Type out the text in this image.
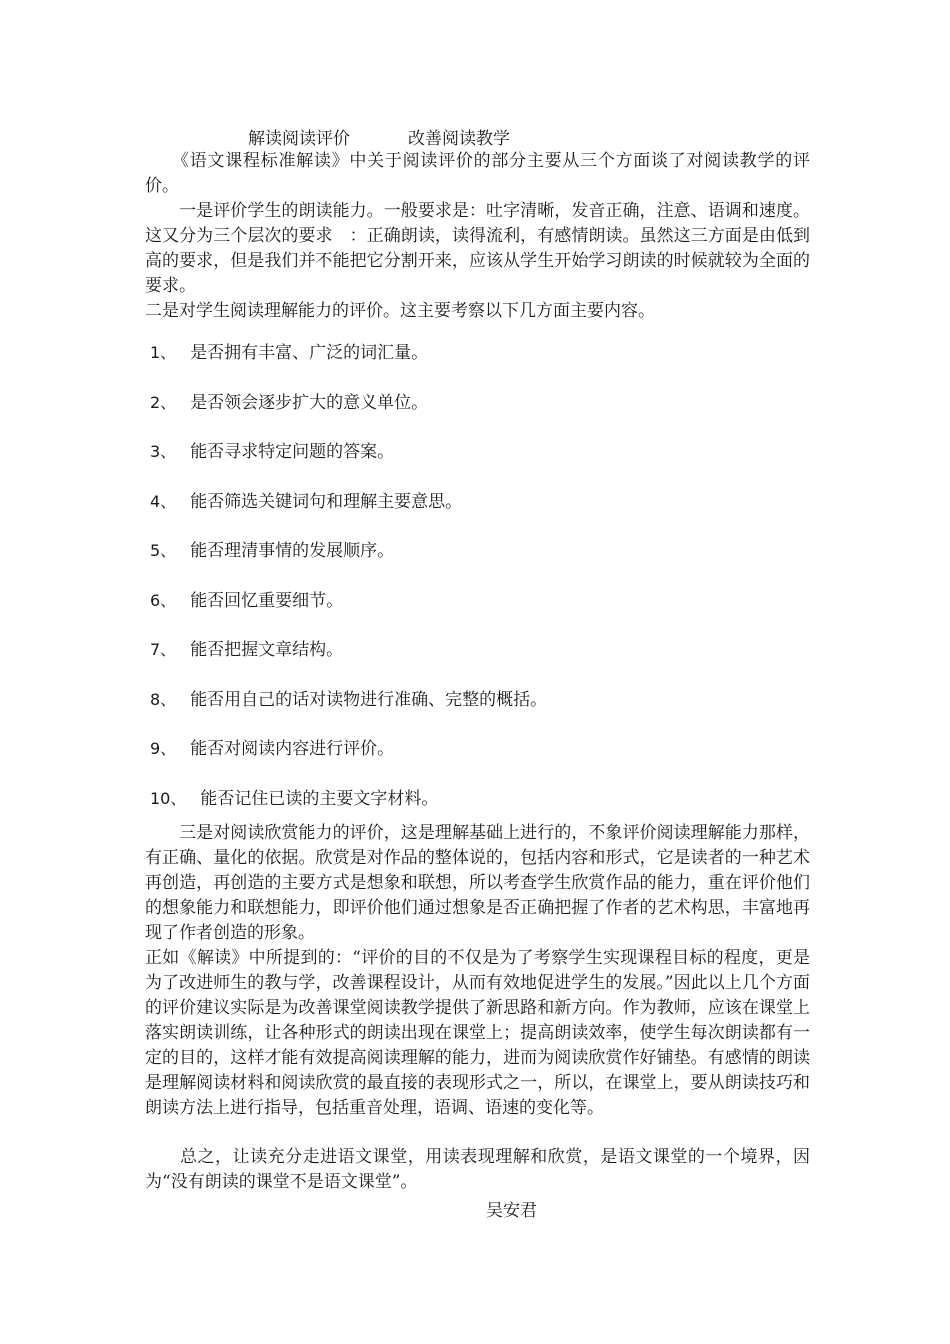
解读阅读评价	改善阅读教学

　　《语文课程标准解读》中关于阅读评价的部分主要从三个方面谈了对阅读教学的评价。

　　一是评价学生的朗读能力。一般要求是：吐字清晰，发音正确，注意、语调和速度。这又分为三个层次的要求　：正确朗读，读得流利，有感情朗读。虽然这三方面是由低到高的要求，但是我们并不能把它分割开来，应该从学生开始学习朗读的时候就较为全面的要求。

二是对学生阅读理解能力的评价。这主要考察以下几方面主要内容。

1、 是否拥有丰富、广泛的词汇量。
2、 是否领会逐步扩大的意义单位。
3、 能否寻求特定问题的答案。
4、 能否筛选关键词句和理解主要意思。
5、 能否理清事情的发展顺序。
6、 能否回忆重要细节。
7、 能否把握文章结构。
8、 能否用自己的话对读物进行准确、完整的概括。
9、 能否对阅读内容进行评价。
10、 能否记住已读的主要文字材料。

　　三是对阅读欣赏能力的评价，这是理解基础上进行的，不象评价阅读理解能力那样，有正确、量化的依据。欣赏是对作品的整体说的，包括内容和形式，它是读者的一种艺术再创造，再创造的主要方式是想象和联想，所以考查学生欣赏作品的能力，重在评价他们的想象能力和联想能力，即评价他们通过想象是否正确把握了作者的艺术构思，丰富地再现了作者创造的形象。

正如《解读》中所提到的：“评价的目的不仅是为了考察学生实现课程目标的程度，更是为了改进师生的教与学，改善课程设计，从而有效地促进学生的发展。”因此以上几个方面的评价建议实际是为改善课堂阅读教学提供了新思路和新方向。作为教师，应该在课堂上落实朗读训练，让各种形式的朗读出现在课堂上；提高朗读效率，使学生每次朗读都有一定的目的，这样才能有效提高阅读理解的能力，进而为阅读欣赏作好铺垫。有感情的朗读是理解阅读材料和阅读欣赏的最直接的表现形式之一，所以，在课堂上，要从朗读技巧和朗读方法上进行指导，包括重音处理，语调、语速的变化等。

　　总之，让读充分走进语文课堂，用读表现理解和欣赏，是语文课堂的一个境界，因为“没有朗读的课堂不是语文课堂”。

吴安君
